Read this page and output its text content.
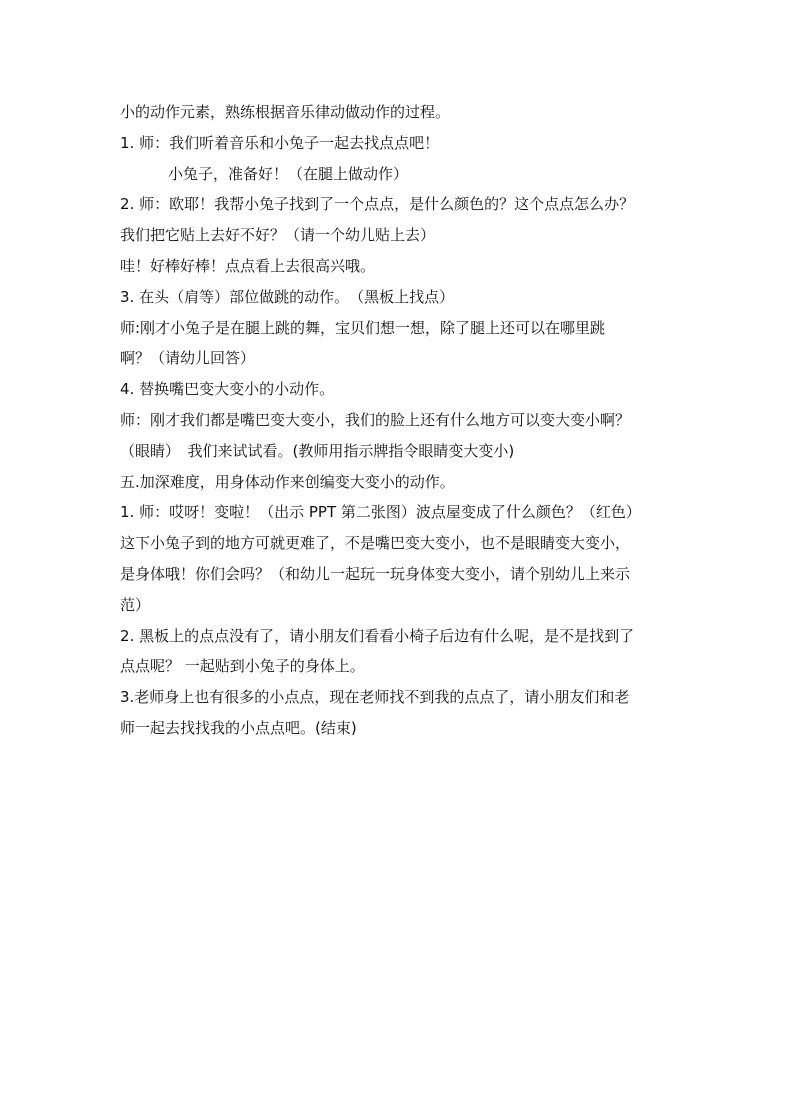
小的动作元素，熟练根据音乐律动做动作的过程。
1. 师：我们听着音乐和小兔子一起去找点点吧！
小兔子，准备好！（在腿上做动作）
2. 师：欧耶！我帮小兔子找到了一个点点，是什么颜色的？这个点点怎么办？
我们把它贴上去好不好？（请一个幼儿贴上去）
哇！好棒好棒！点点看上去很高兴哦。
3. 在头（肩等）部位做跳的动作。　（黑板上找点）
师:刚才小兔子是在腿上跳的舞，宝贝们想一想，除了腿上还可以在哪里跳
啊？（请幼儿回答）
4. 替换嘴巴变大变小的小动作。
师：刚才我们都是嘴巴变大变小，我们的脸上还有什么地方可以变大变小啊？
（眼睛）　我们来试试看。(教师用指示牌指令眼睛变大变小)
五.加深难度，用身体动作来创编变大变小的动作。
1. 师：哎呀！变啦！（出示 PPT 第二张图）波点屋变成了什么颜色？（红色）
这下小兔子到的地方可就更难了，不是嘴巴变大变小，也不是眼睛变大变小，
是身体哦！你们会吗？（和幼儿一起玩一玩身体变大变小，请个别幼儿上来示
范）
2. 黑板上的点点没有了，请小朋友们看看小椅子后边有什么呢，是不是找到了
点点呢？ 一起贴到小兔子的身体上。
3.老师身上也有很多的小点点，现在老师找不到我的点点了，请小朋友们和老
师一起去找找我的小点点吧。(结束)
